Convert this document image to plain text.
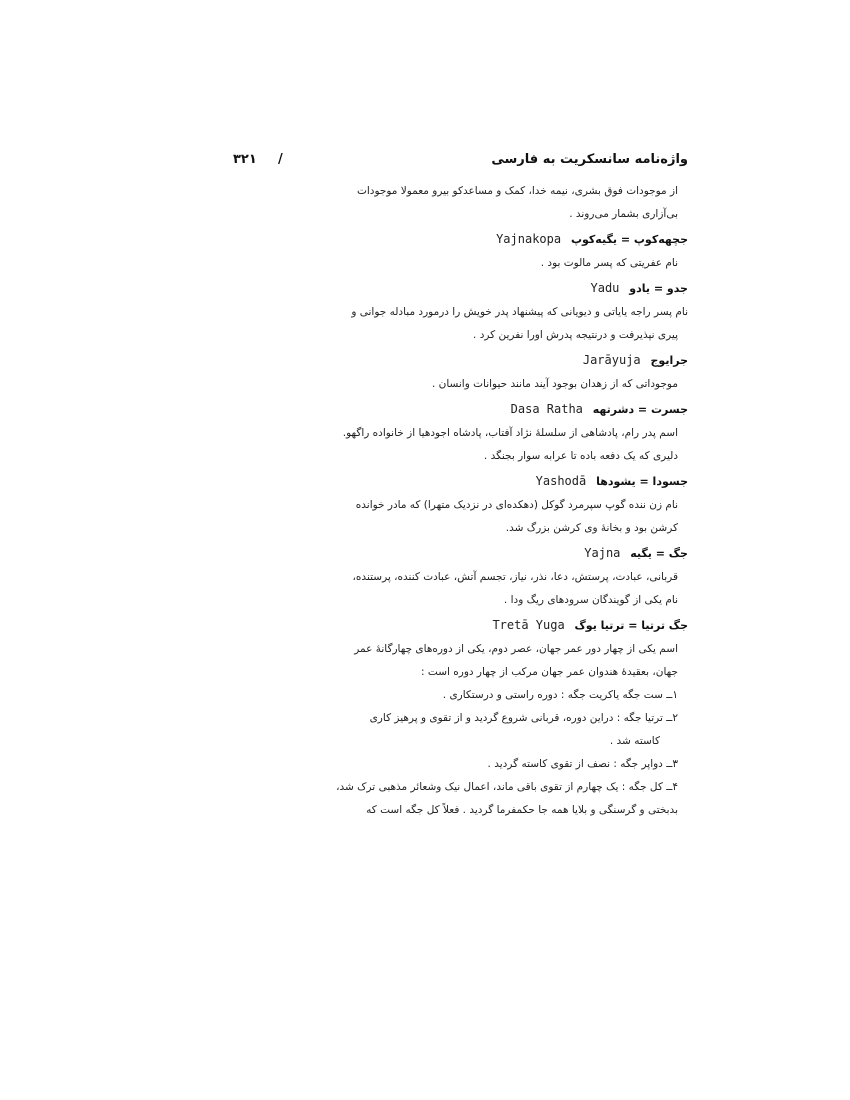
واژه‌نامه سانسکریت به فارسی
/
۳۲۱
از موجودات فوق بشری، نیمه خدا، کمک و مساعدکو بیرو معمولا موجودات
بی‌آزاری بشمار می‌روند .
جچهه‌کوپ = یگیه‌کوپ Yajnakopa
نام عفریتی که پسر مالوت بود .
جدو = یادو Yadu
نام پسر راجه یایاتی و دیویانی که پیشنهاد پدر خویش را درمورد مبادله جوانی و
پیری نپذیرفت و درنتیجه پدرش اورا نفرین کرد .
جرایوج Jarāyuja
موجوداتی که از زهدان بوجود آیند مانند حیوانات وانسان .
جسرت = دشرتهه Dasa Ratha
اسم پدر رام، پادشاهی از سلسلهٔ نژاد آفتاب، پادشاه اجودهیا از خانواده راگهو.
دلیری که یک دفعه باده تا عرابه سوار بجنگد .
جسودا = یشودها Yashodā
نام زن ننده گوپ سپرمرد گوکل (دهکده‌ای در نزدیک متهرا) که مادر خوانده
کرشن بود و بخانهٔ وی کرشن بزرگ شد.
جگ = یگیه Yajna
قربانی، عبادت، پرستش، دعا، نذر، نیاز، تجسم آتش، عبادت کننده، پرستنده،
نام یکی از گویندگان سرودهای ریگ ودا .
جگ ترتیا = ترتیا یوگ Tretā Yuga
اسم یکی از چهار دور عمر جهان، عصر دوم، یکی از دوره‌های چهارگانهٔ عمر
جهان، بعقیدهٔ هندوان عمر جهان مرکب از چهار دوره است :
۱ــ ست جگه یاکریت جگه : دوره راستی و درستکاری .
۲ــ ترتیا جگه : دراین دوره، قربانی شروع گردید و از تقوی و پرهیز کاری
کاسته شد .
۳ــ دواپر جگه : نصف از تقوی کاسته گردید .
۴ــ کل جگه : یک چهارم از تقوی باقی ماند، اعمال نیک وشعائر مذهبی ترک شد،
بدبختی و گرسنگی و بلایا همه جا حکمفرما گردید . فعلاً کل جگه است که
